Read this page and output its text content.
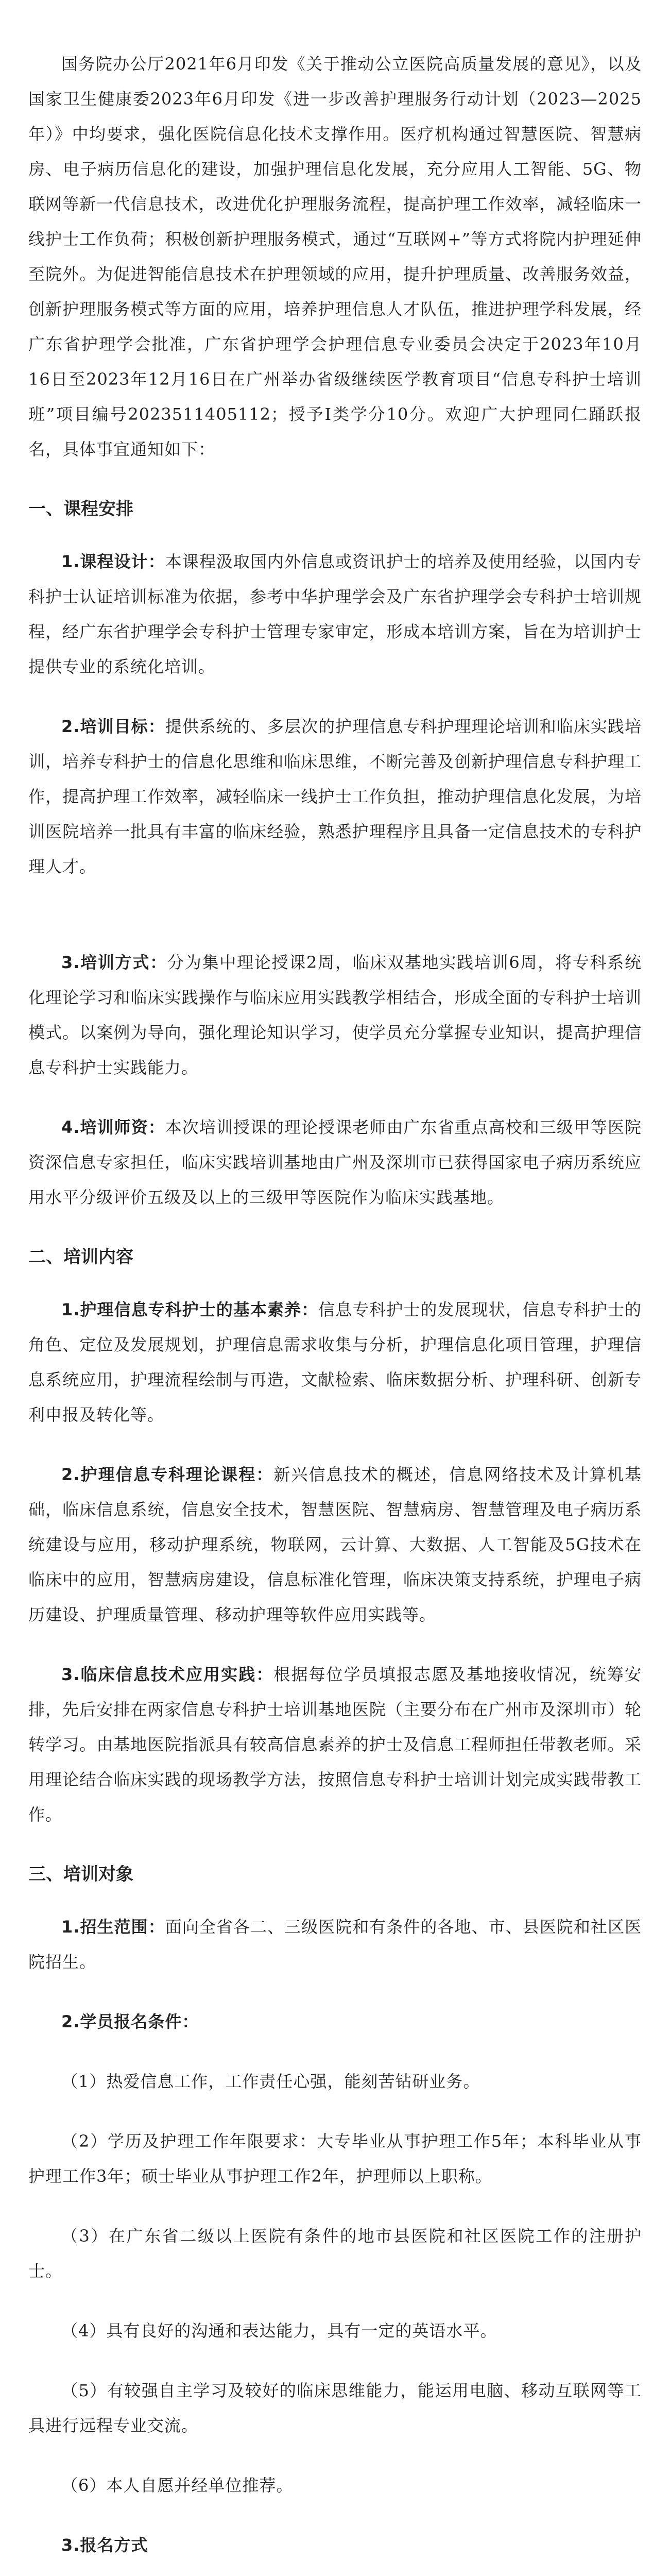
国务院办公厅2021年6月印发《关于推动公立医院高质量发展的意见》，以及国家卫生健康委2023年6月印发《进一步改善护理服务行动计划（2023—2025年）》中均要求，强化医院信息化技术支撑作用。医疗机构通过智慧医院、智慧病房、电子病历信息化的建设，加强护理信息化发展，充分应用人工智能、5G、物联网等新一代信息技术，改进优化护理服务流程，提高护理工作效率，减轻临床一线护士工作负荷；积极创新护理服务模式，通过“互联网+”等方式将院内护理延伸至院外。为促进智能信息技术在护理领域的应用，提升护理质量、改善服务效益，创新护理服务模式等方面的应用，培养护理信息人才队伍，推进护理学科发展，经广东省护理学会批准，广东省护理学会护理信息专业委员会决定于2023年10月16日至2023年12月16日在广州举办省级继续医学教育项目“信息专科护士培训班”项目编号2023511405112；授予Ⅰ类学分10分。欢迎广大护理同仁踊跃报名，具体事宜通知如下：

一、课程安排

1.课程设计：本课程汲取国内外信息或资讯护士的培养及使用经验，以国内专科护士认证培训标准为依据，参考中华护理学会及广东省护理学会专科护士培训规程，经广东省护理学会专科护士管理专家审定，形成本培训方案，旨在为培训护士提供专业的系统化培训。

2.培训目标：提供系统的、多层次的护理信息专科护理理论培训和临床实践培训，培养专科护士的信息化思维和临床思维，不断完善及创新护理信息专科护理工作，提高护理工作效率，减轻临床一线护士工作负担，推动护理信息化发展，为培训医院培养一批具有丰富的临床经验，熟悉护理程序且具备一定信息技术的专科护理人才。

3.培训方式：分为集中理论授课2周，临床双基地实践培训6周，将专科系统化理论学习和临床实践操作与临床应用实践教学相结合，形成全面的专科护士培训模式。以案例为导向，强化理论知识学习，使学员充分掌握专业知识，提高护理信息专科护士实践能力。

4.培训师资：本次培训授课的理论授课老师由广东省重点高校和三级甲等医院资深信息专家担任，临床实践培训基地由广州及深圳市已获得国家电子病历系统应用水平分级评价五级及以上的三级甲等医院作为临床实践基地。

二、培训内容

1.护理信息专科护士的基本素养：信息专科护士的发展现状，信息专科护士的角色、定位及发展规划，护理信息需求收集与分析，护理信息化项目管理，护理信息系统应用，护理流程绘制与再造，文献检索、临床数据分析、护理科研、创新专利申报及转化等。

2.护理信息专科理论课程：新兴信息技术的概述，信息网络技术及计算机基础，临床信息系统，信息安全技术，智慧医院、智慧病房、智慧管理及电子病历系统建设与应用，移动护理系统，物联网，云计算、大数据、人工智能及5G技术在临床中的应用，智慧病房建设，信息标准化管理，临床决策支持系统，护理电子病历建设、护理质量管理、移动护理等软件应用实践等。

3.临床信息技术应用实践：根据每位学员填报志愿及基地接收情况，统筹安排，先后安排在两家信息专科护士培训基地医院（主要分布在广州市及深圳市）轮转学习。由基地医院指派具有较高信息素养的护士及信息工程师担任带教老师。采用理论结合临床实践的现场教学方法，按照信息专科护士培训计划完成实践带教工作。

三、培训对象

1.招生范围：面向全省各二、三级医院和有条件的各地、市、县医院和社区医院招生。

2.学员报名条件：

（1）热爱信息工作，工作责任心强，能刻苦钻研业务。

（2）学历及护理工作年限要求：大专毕业从事护理工作5年；本科毕业从事护理工作3年；硕士毕业从事护理工作2年，护理师以上职称。

（3）在广东省二级以上医院有条件的地市县医院和社区医院工作的注册护士。

（4）具有良好的沟通和表达能力，具有一定的英语水平。

（5）有较强自主学习及较好的临床思维能力，能运用电脑、移动互联网等工具进行远程专业交流。

（6）本人自愿并经单位推荐。

3.报名方式
